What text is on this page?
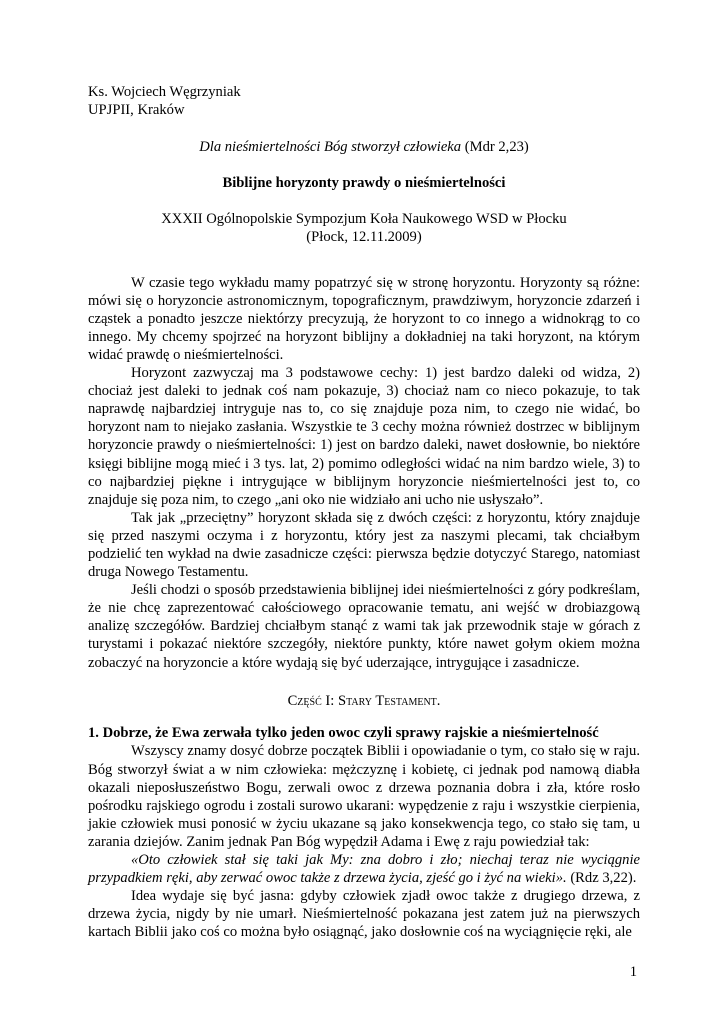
Ks. Wojciech Węgrzyniak

UPJPII, Kraków

Dla nieśmiertelności Bóg stworzył człowieka (Mdr 2,23)

Biblijne horyzonty prawdy o nieśmiertelności

XXXII Ogólnopolskie Sympozjum Koła Naukowego WSD w Płocku

(Płock, 12.11.2009)

W czasie tego wykładu mamy popatrzyć się w stronę horyzontu. Horyzonty są różne: mówi się o horyzoncie astronomicznym, topograficznym, prawdziwym, horyzoncie zdarzeń i cząstek a ponadto jeszcze niektórzy precyzują, że horyzont to co innego a widnokrąg to co innego. My chcemy spojrzeć na horyzont biblijny a dokładniej na taki horyzont, na którym widać prawdę o nieśmiertelności.

Horyzont zazwyczaj ma 3 podstawowe cechy: 1) jest bardzo daleki od widza, 2) chociaż jest daleki to jednak coś nam pokazuje, 3) chociaż nam co nieco pokazuje, to tak naprawdę najbardziej intryguje nas to, co się znajduje poza nim, to czego nie widać, bo horyzont nam to niejako zasłania. Wszystkie te 3 cechy można również dostrzec w biblijnym horyzoncie prawdy o nieśmiertelności: 1) jest on bardzo daleki, nawet dosłownie, bo niektóre księgi biblijne mogą mieć i 3 tys. lat, 2) pomimo odległości widać na nim bardzo wiele, 3) to co najbardziej piękne i intrygujące w biblijnym horyzoncie nieśmiertelności jest to, co znajduje się poza nim, to czego „ani oko nie widziało ani ucho nie usłyszało”.

Tak jak „przeciętny” horyzont składa się z dwóch części: z horyzontu, który znajduje się przed naszymi oczyma i z horyzontu, który jest za naszymi plecami, tak chciałbym podzielić ten wykład na dwie zasadnicze części: pierwsza będzie dotyczyć Starego, natomiast druga Nowego Testamentu.

Jeśli chodzi o sposób przedstawienia biblijnej idei nieśmiertelności z góry podkreślam, że nie chcę zaprezentować całościowego opracowanie tematu, ani wejść w drobiazgową analizę szczegółów. Bardziej chciałbym stanąć z wami tak jak przewodnik staje w górach z turystami i pokazać niektóre szczegóły, niektóre punkty, które nawet gołym okiem można zobaczyć na horyzoncie a które wydają się być uderzające, intrygujące i zasadnicze.

Część I: Stary Testament.

1. Dobrze, że Ewa zerwała tylko jeden owoc czyli sprawy rajskie a nieśmiertelność

Wszyscy znamy dosyć dobrze początek Biblii i opowiadanie o tym, co stało się w raju. Bóg stworzył świat a w nim człowieka: mężczyznę i kobietę, ci jednak pod namową diabła okazali nieposłuszeństwo Bogu, zerwali owoc z drzewa poznania dobra i zła, które rosło pośrodku rajskiego ogrodu i zostali surowo ukarani: wypędzenie z raju i wszystkie cierpienia, jakie człowiek musi ponosić w życiu ukazane są jako konsekwencja tego, co stało się tam, u zarania dziejów. Zanim jednak Pan Bóg wypędził Adama i Ewę z raju powiedział tak:

«Oto człowiek stał się taki jak My: zna dobro i zło; niechaj teraz nie wyciągnie przypadkiem ręki, aby zerwać owoc także z drzewa życia, zjeść go i żyć na wieki». (Rdz 3,22).

Idea wydaje się być jasna: gdyby człowiek zjadł owoc także z drugiego drzewa, z drzewa życia, nigdy by nie umarł. Nieśmiertelność pokazana jest zatem już na pierwszych kartach Biblii jako coś co można było osiągnąć, jako dosłownie coś na wyciągnięcie ręki, ale

1
